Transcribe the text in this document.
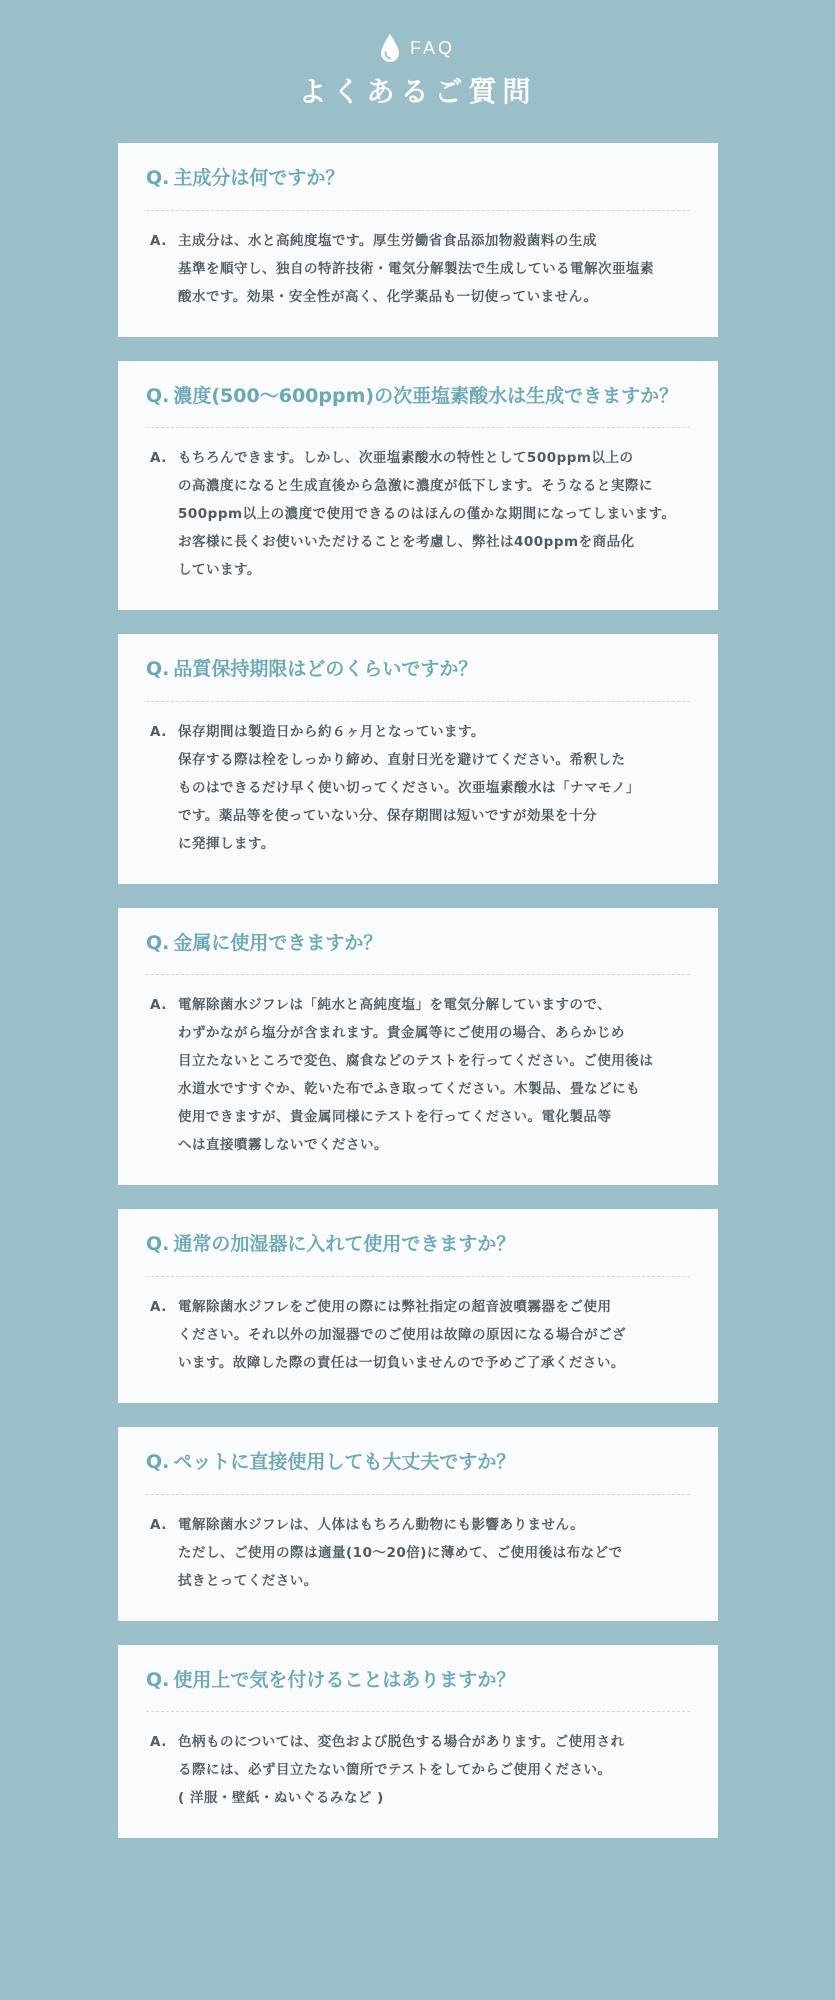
FAQ
よくあるご質問
Q. 主成分は何ですか？
A. 主成分は、水と高純度塩です。厚生労働省食品添加物殺菌料の生成
基準を順守し、独自の特許技術・電気分解製法で生成している電解次亜塩素
酸水です。効果・安全性が高く、化学薬品も一切使っていません。
Q. 濃度(500〜600ppm)の次亜塩素酸水は生成できますか？
A. もちろんできます。しかし、次亜塩素酸水の特性として500ppm以上の
の高濃度になると生成直後から急激に濃度が低下します。そうなると実際に
500ppm以上の濃度で使用できるのはほんの僅かな期間になってしまいます。
お客様に長くお使いいただけることを考慮し、弊社は400ppmを商品化
しています。
Q. 品質保持期限はどのくらいですか？
A. 保存期間は製造日から約６ヶ月となっています。
保存する際は栓をしっかり締め、直射日光を避けてください。希釈した
ものはできるだけ早く使い切ってください。次亜塩素酸水は「ナマモノ」
です。薬品等を使っていない分、保存期間は短いですが効果を十分
に発揮します。
Q. 金属に使用できますか？
A. 電解除菌水ジフレは「純水と高純度塩」を電気分解していますので、
わずかながら塩分が含まれます。貴金属等にご使用の場合、あらかじめ
目立たないところで変色、腐食などのテストを行ってください。ご使用後は
水道水ですすぐか、乾いた布でふき取ってください。木製品、畳などにも
使用できますが、貴金属同様にテストを行ってください。電化製品等
へは直接噴霧しないでください。
Q. 通常の加湿器に入れて使用できますか？
A. 電解除菌水ジフレをご使用の際には弊社指定の超音波噴霧器をご使用
ください。それ以外の加湿器でのご使用は故障の原因になる場合がござ
います。故障した際の責任は一切負いませんので予めご了承ください。
Q. ペットに直接使用しても大丈夫ですか？
A. 電解除菌水ジフレは、人体はもちろん動物にも影響ありません。
ただし、ご使用の際は適量(10〜20倍)に薄めて、ご使用後は布などで
拭きとってください。
Q. 使用上で気を付けることはありますか？
A. 色柄ものについては、変色および脱色する場合があります。ご使用され
る際には、必ず目立たない箇所でテストをしてからご使用ください。
( 洋服・壁紙・ぬいぐるみなど )
